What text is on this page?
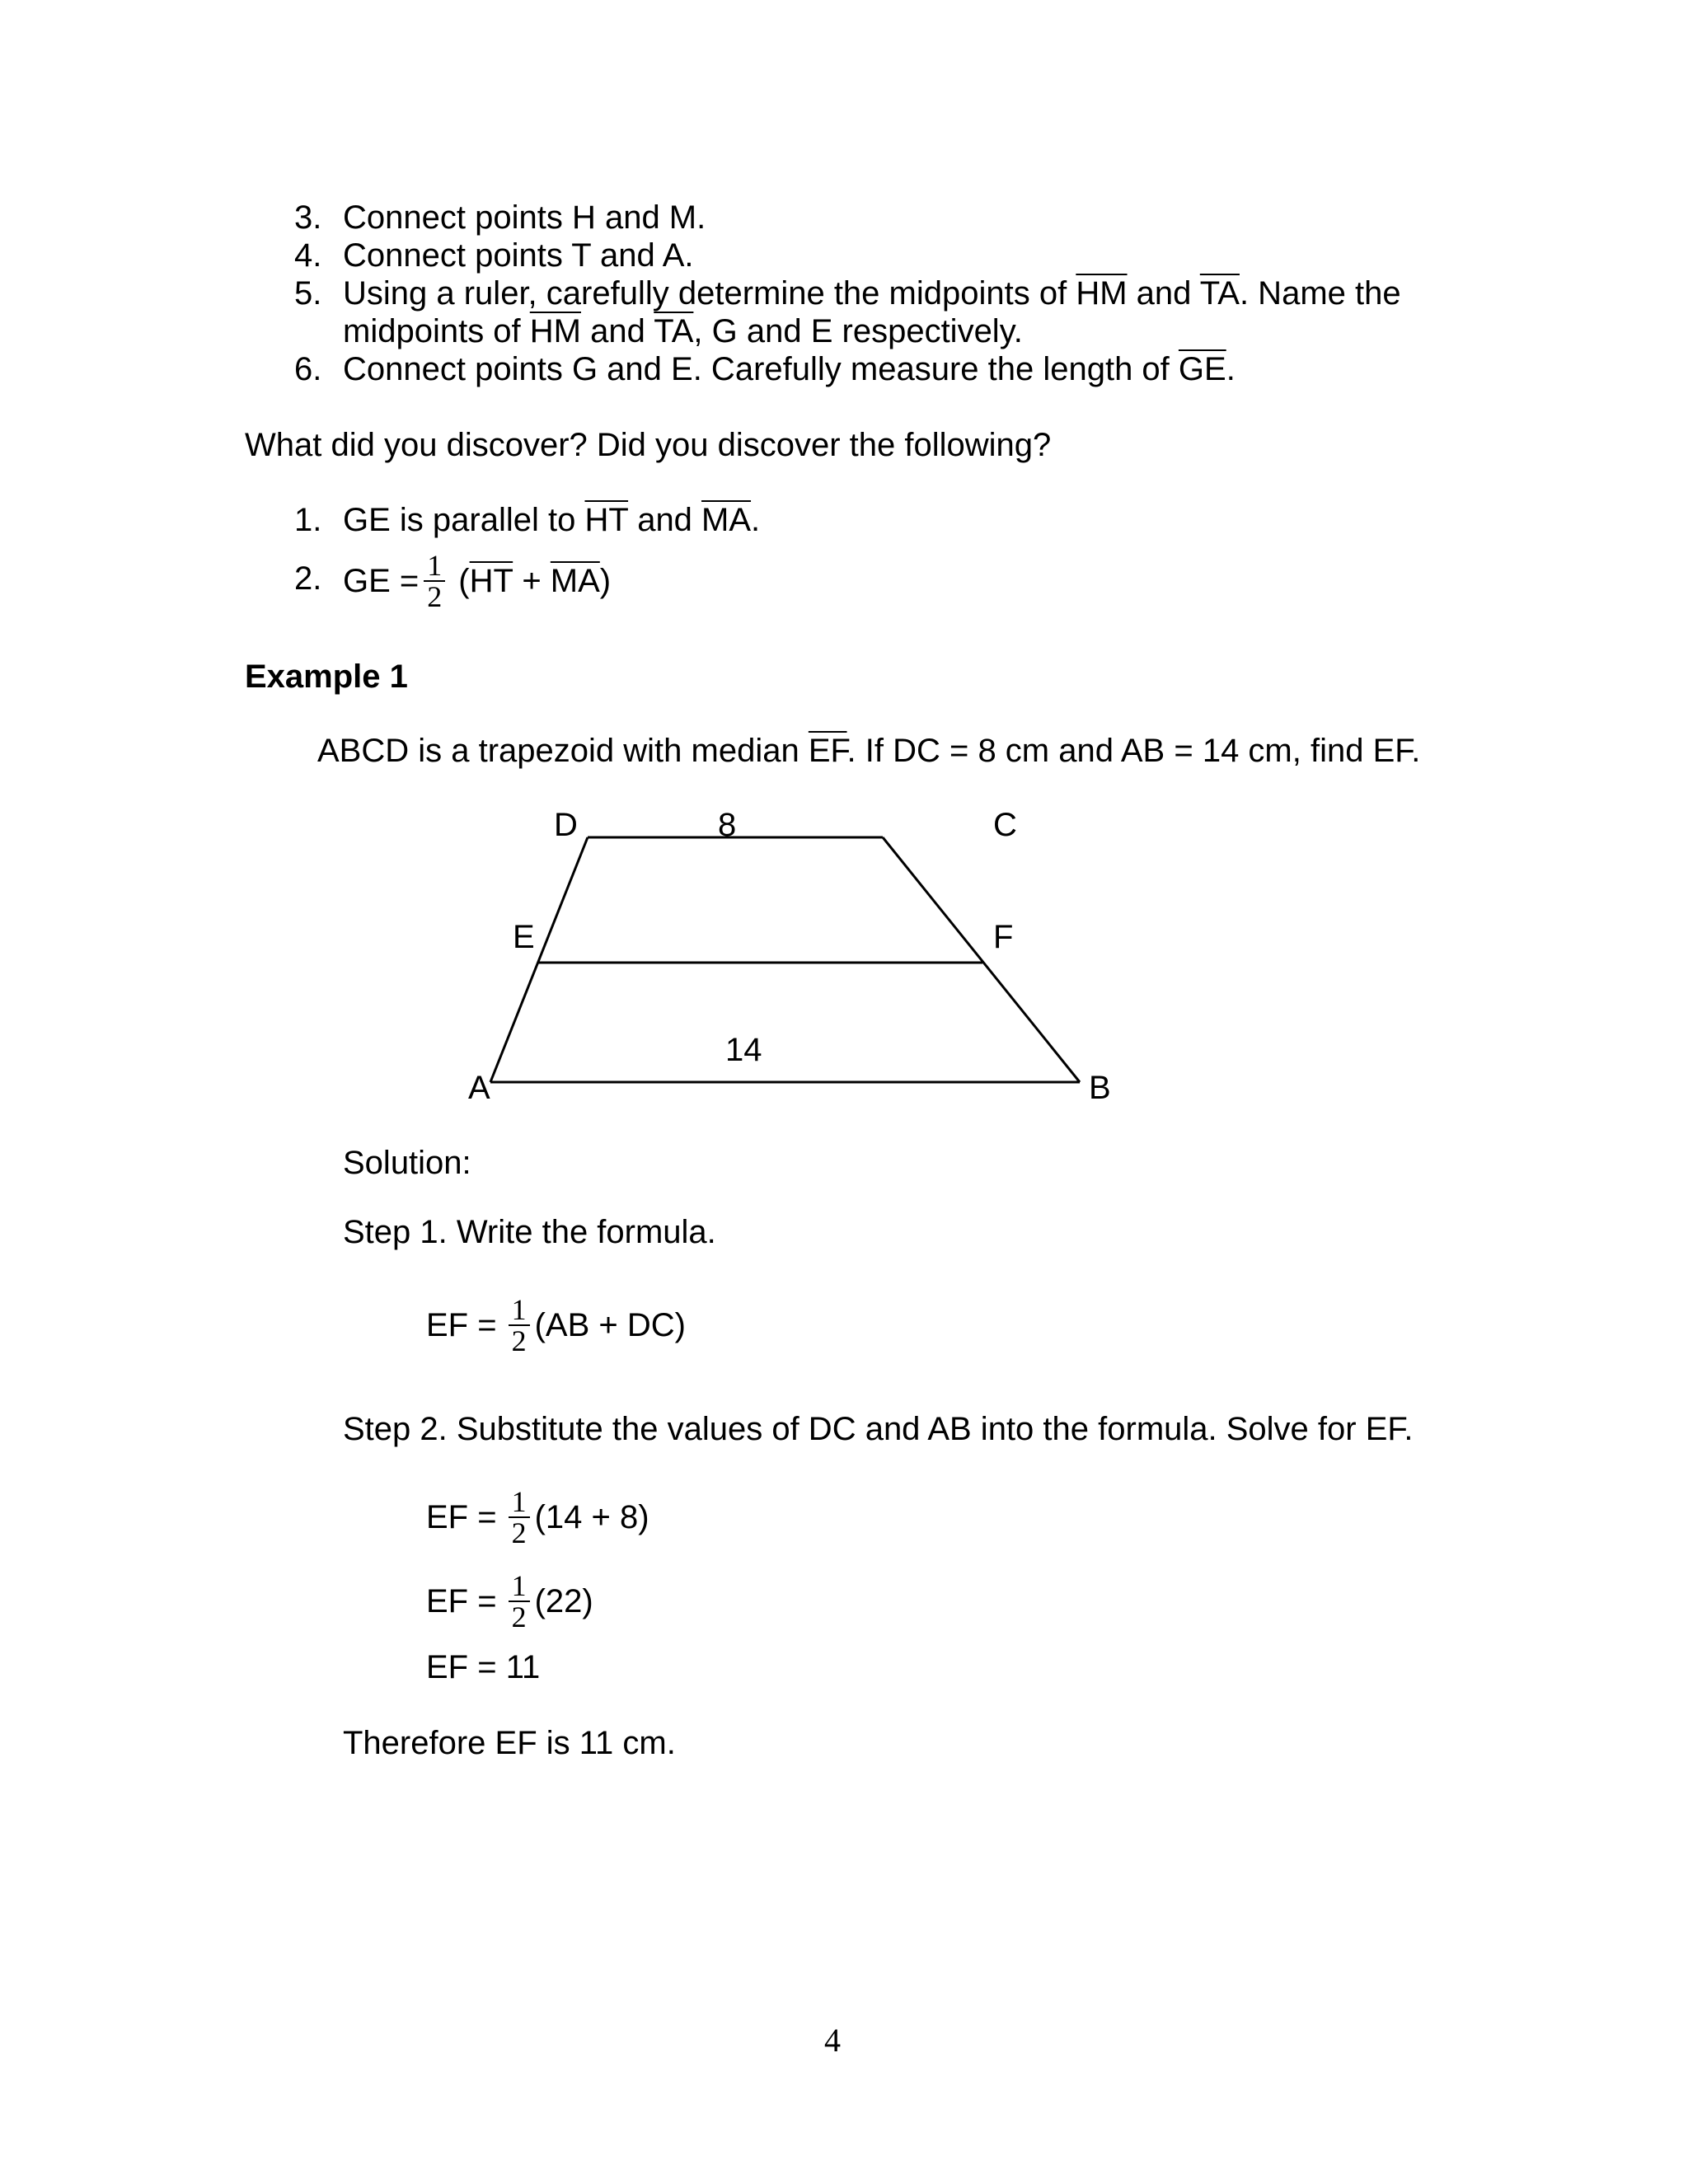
3. Connect points H and M.
4. Connect points T and A.
5. Using a ruler, carefully determine the midpoints of $\overline{HM}$ and $\overline{TA}$. Name the
midpoints of $\overline{HM}$ and $\overline{TA}$, G and E respectively.
6. Connect points G and E. Carefully measure the length of $\overline{GE}$.
What did you discover? Did you discover the following?
1. GE is parallel to $\overline{HT}$ and $\overline{MA}$.
2. GE = $\frac{1}{2} (\overline{HT} + \overline{MA})$
Example 1
ABCD is a trapezoid with median $\overline{EF}$. If DC = 8 cm and AB = 14 cm, find EF.
D	8	C
E	F
14
A	B
Solution:
Step 1. Write the formula.
EF = $\frac{1}{2} (AB + DC)$
Step 2. Substitute the values of DC and AB into the formula. Solve for EF.
EF = $\frac{1}{2} (14 + 8)$
EF = $\frac{1}{2} (22)$
EF = 11
Therefore EF is 11 cm.
4
